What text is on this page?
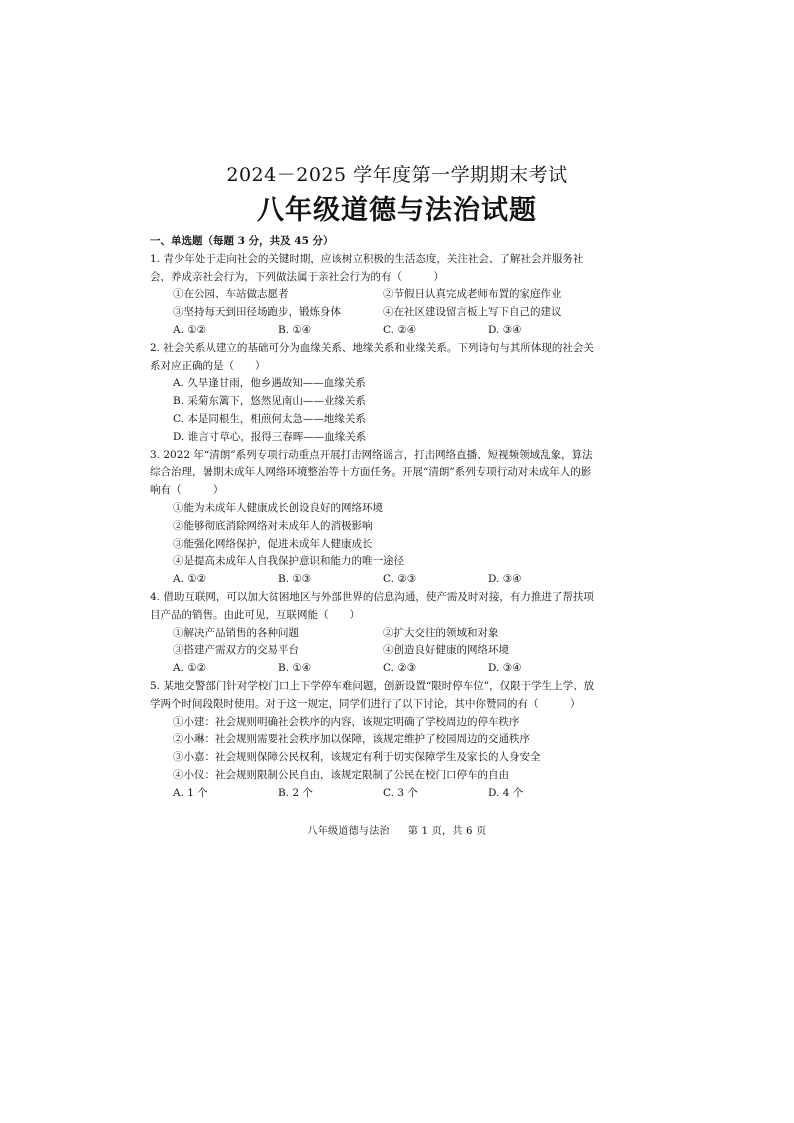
2024－2025 学年度第一学期期末考试
八年级道德与法治试题
一、单选题（每题 3 分，共及 45 分）

1. 青少年处于走向社会的关键时期，应该树立积极的生活态度，关注社会、了解社会并服务社会，养成亲社会行为，下列做法属于亲社会行为的有（　　　）

①在公园、车站做志愿者	②节假日认真完成老师布置的家庭作业
③坚持每天到田径场跑步，锻炼身体	④在社区建设留言板上写下自己的建议
A. ①②	B. ①④	C. ②④	D. ③④

2. 社会关系从建立的基础可分为血缘关系、地缘关系和业缘关系。下列诗句与其所体现的社会关系对应正确的是（　　）

A. 久旱逢甘雨，他乡遇故知——血缘关系
B. 采菊东篱下，悠然见南山——业缘关系
C. 本是同根生，相煎何太急——地缘关系
D. 谁言寸草心，报得三春晖——血缘关系

3. 2022 年“清朗”系列专项行动重点开展打击网络谣言，打击网络直播、短视频领域乱象，算法综合治理，暑期未成年人网络环境整治等十方面任务。开展“清朗”系列专项行动对未成年人的影响有（　　　）

①能为未成年人健康成长创设良好的网络环境
②能够彻底消除网络对未成年人的消极影响
③能强化网络保护，促进未成年人健康成长
④是提高未成年人自我保护意识和能力的唯一途径
A. ①②	B. ①③	C. ②③	D. ③④

4. 借助互联网，可以加大贫困地区与外部世界的信息沟通，使产需及时对接，有力推进了帮扶项目产品的销售。由此可见，互联网能（　　）

①解决产品销售的各种问题	②扩大交往的领域和对象
③搭建产需双方的交易平台	④创造良好健康的网络环境
A. ①②	B. ①④	C. ②③	D. ③④

5. 某地交警部门针对学校门口上下学停车难问题，创新设置“限时停车位”，仅限于学生上学、放学两个时间段限时使用。对于这一规定，同学们进行了以下讨论，其中你赞同的有（　　　）

①小建：社会规则明确社会秩序的内容，该规定明确了学校周边的停车秩序
②小琳：社会规则需要社会秩序加以保障，该规定维护了校园周边的交通秩序
③小嘉：社会规则保障公民权利，该规定有利于切实保障学生及家长的人身安全
④小仪：社会规则限制公民自由，该规定限制了公民在校门口停车的自由
A. 1 个	B. 2 个	C. 3 个	D. 4 个
八年级道德与法治 第 1 页，共 6 页
